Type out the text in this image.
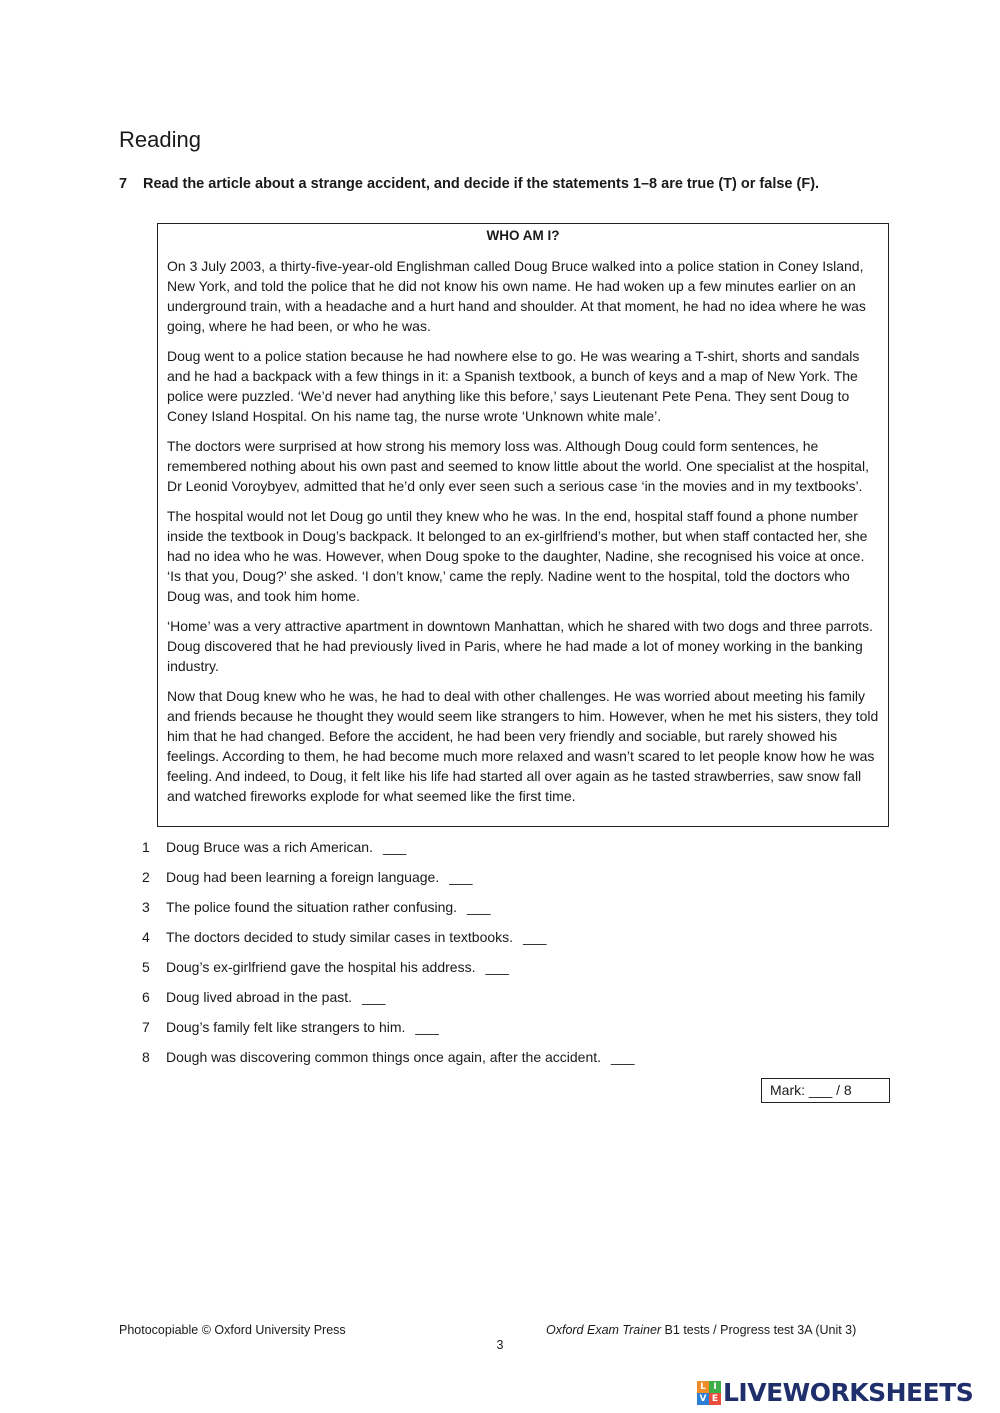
Reading
7 Read the article about a strange accident, and decide if the statements 1–8 are true (T) or false (F).
WHO AM I?

On 3 July 2003, a thirty-five-year-old Englishman called Doug Bruce walked into a police station in Coney Island, New York, and told the police that he did not know his own name. He had woken up a few minutes earlier on an underground train, with a headache and a hurt hand and shoulder. At that moment, he had no idea where he was going, where he had been, or who he was.

Doug went to a police station because he had nowhere else to go. He was wearing a T-shirt, shorts and sandals and he had a backpack with a few things in it: a Spanish textbook, a bunch of keys and a map of New York. The police were puzzled. ‘We’d never had anything like this before,’ says Lieutenant Pete Pena. They sent Doug to Coney Island Hospital. On his name tag, the nurse wrote ‘Unknown white male’.

The doctors were surprised at how strong his memory loss was. Although Doug could form sentences, he remembered nothing about his own past and seemed to know little about the world. One specialist at the hospital, Dr Leonid Voroybyev, admitted that he’d only ever seen such a serious case ‘in the movies and in my textbooks’.

The hospital would not let Doug go until they knew who he was. In the end, hospital staff found a phone number inside the textbook in Doug’s backpack. It belonged to an ex-girlfriend’s mother, but when staff contacted her, she had no idea who he was. However, when Doug spoke to the daughter, Nadine, she recognised his voice at once. ‘Is that you, Doug?’ she asked. ‘I don’t know,’ came the reply. Nadine went to the hospital, told the doctors who Doug was, and took him home.

‘Home’ was a very attractive apartment in downtown Manhattan, which he shared with two dogs and three parrots. Doug discovered that he had previously lived in Paris, where he had made a lot of money working in the banking industry.

Now that Doug knew who he was, he had to deal with other challenges. He was worried about meeting his family and friends because he thought they would seem like strangers to him. However, when he met his sisters, they told him that he had changed. Before the accident, he had been very friendly and sociable, but rarely showed his feelings. According to them, he had become much more relaxed and wasn’t scared to let people know how he was feeling. And indeed, to Doug, it felt like his life had started all over again as he tasted strawberries, saw snow fall and watched fireworks explode for what seemed like the first time.

1 Doug Bruce was a rich American. ___
2 Doug had been learning a foreign language. ___
3 The police found the situation rather confusing. ___
4 The doctors decided to study similar cases in textbooks. ___
5 Doug’s ex-girlfriend gave the hospital his address. ___
6 Doug lived abroad in the past. ___
7 Doug’s family felt like strangers to him. ___
8 Dough was discovering common things once again, after the accident. ___
Mark: ___ / 8
Photocopiable © Oxford University Press	Oxford Exam Trainer B1 tests / Progress test 3A (Unit 3)
3
L I
V E LIVEWORKSHEETS
